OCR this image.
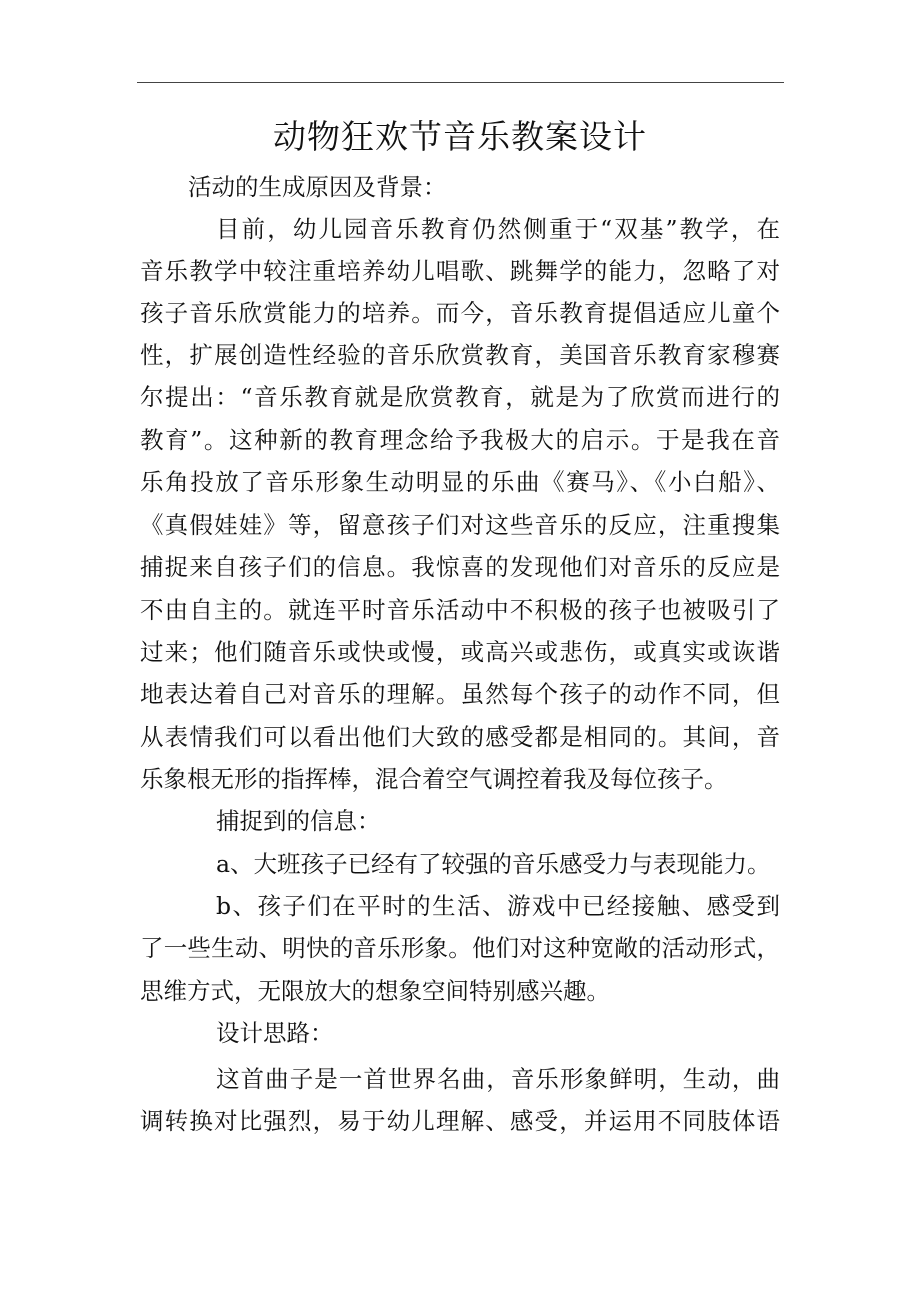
动物狂欢节音乐教案设计
活动的生成原因及背景：
目前，幼儿园音乐教育仍然侧重于“双基”教学，在
音乐教学中较注重培养幼儿唱歌、跳舞学的能力，忽略了对
孩子音乐欣赏能力的培养。而今，音乐教育提倡适应儿童个
性，扩展创造性经验的音乐欣赏教育，美国音乐教育家穆赛
尔提出：“音乐教育就是欣赏教育，就是为了欣赏而进行的
教育”。这种新的教育理念给予我极大的启示。于是我在音
乐角投放了音乐形象生动明显的乐曲《赛马》、《小白船》、
《真假娃娃》等，留意孩子们对这些音乐的反应，注重搜集
捕捉来自孩子们的信息。我惊喜的发现他们对音乐的反应是
不由自主的。就连平时音乐活动中不积极的孩子也被吸引了
过来；他们随音乐或快或慢，或高兴或悲伤，或真实或诙谐
地表达着自己对音乐的理解。虽然每个孩子的动作不同，但
从表情我们可以看出他们大致的感受都是相同的。其间，音
乐象根无形的指挥棒，混合着空气调控着我及每位孩子。
捕捉到的信息：
a、大班孩子已经有了较强的音乐感受力与表现能力。
b、孩子们在平时的生活、游戏中已经接触、感受到
了一些生动、明快的音乐形象。他们对这种宽敞的活动形式，
思维方式，无限放大的想象空间特别感兴趣。
设计思路：
这首曲子是一首世界名曲，音乐形象鲜明，生动，曲
调转换对比强烈，易于幼儿理解、感受，并运用不同肢体语
